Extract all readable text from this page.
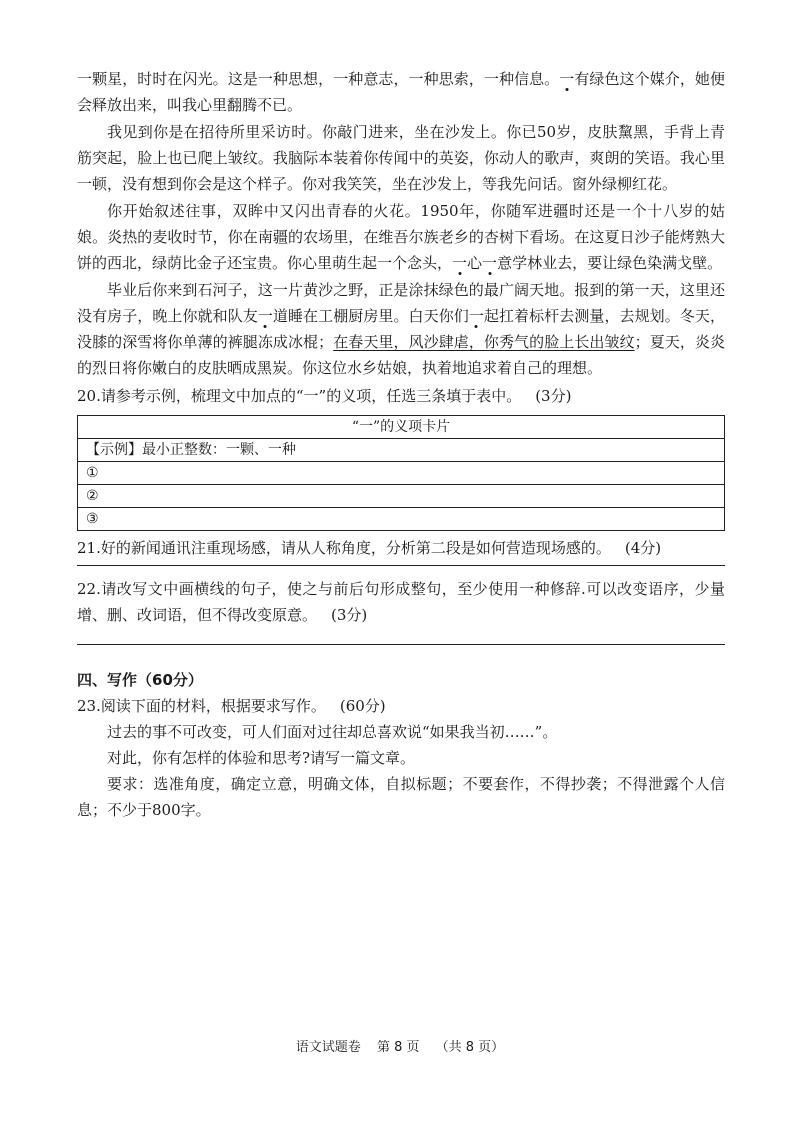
一颗星，时时在闪光。这是一种思想，一种意志，一种思索，一种信息。一有绿色这个媒介，她便会释放出来，叫我心里翻腾不已。

我见到你是在招待所里采访时。你敲门进来，坐在沙发上。你已50岁，皮肤黧黑，手背上青筋突起，脸上也已爬上皱纹。我脑际本装着你传闻中的英姿，你动人的歌声，爽朗的笑语。我心里一顿，没有想到你会是这个样子。你对我笑笑，坐在沙发上，等我先问话。窗外绿柳红花。

你开始叙述往事，双眸中又闪出青春的火花。1950年，你随军进疆时还是一个十八岁的姑娘。炎热的麦收时节，你在南疆的农场里，在维吾尔族老乡的杏树下看场。在这夏日沙子能烤熟大饼的西北，绿荫比金子还宝贵。你心里萌生起一个念头，一心一意学林业去，要让绿色染满戈壁。

毕业后你来到石河子，这一片黄沙之野，正是涂抹绿色的最广阔天地。报到的第一天，这里还没有房子，晚上你就和队友一道睡在工棚厨房里。白天你们一起扛着标杆去测量，去规划。冬天，没膝的深雪将你单薄的裤腿冻成冰棍；在春天里，风沙肆虐，你秀气的脸上长出皱纹；夏天，炎炎的烈日将你嫩白的皮肤晒成黑炭。你这位水乡姑娘，执着地追求着自己的理想。

20.请参考示例，梳理文中加点的“一”的义项，任选三条填于表中。 (3分)

“一”的义项卡片
【示例】最小正整数：一颗、一种
①
②
③

21.好的新闻通讯注重现场感，请从人称角度，分析第二段是如何营造现场感的。 (4分)

22.请改写文中画横线的句子，使之与前后句形成整句，至少使用一种修辞.可以改变语序，少量增、删、改词语，但不得改变原意。 (3分)

四、写作（60分）

23.阅读下面的材料，根据要求写作。 (60分)

过去的事不可改变，可人们面对过往却总喜欢说“如果我当初……”。

对此，你有怎样的体验和思考?请写一篇文章。

要求：选准角度，确定立意，明确文体，自拟标题；不要套作，不得抄袭；不得泄露个人信息；不少于800字。

语文试题卷 第 8 页 （共 8 页）
